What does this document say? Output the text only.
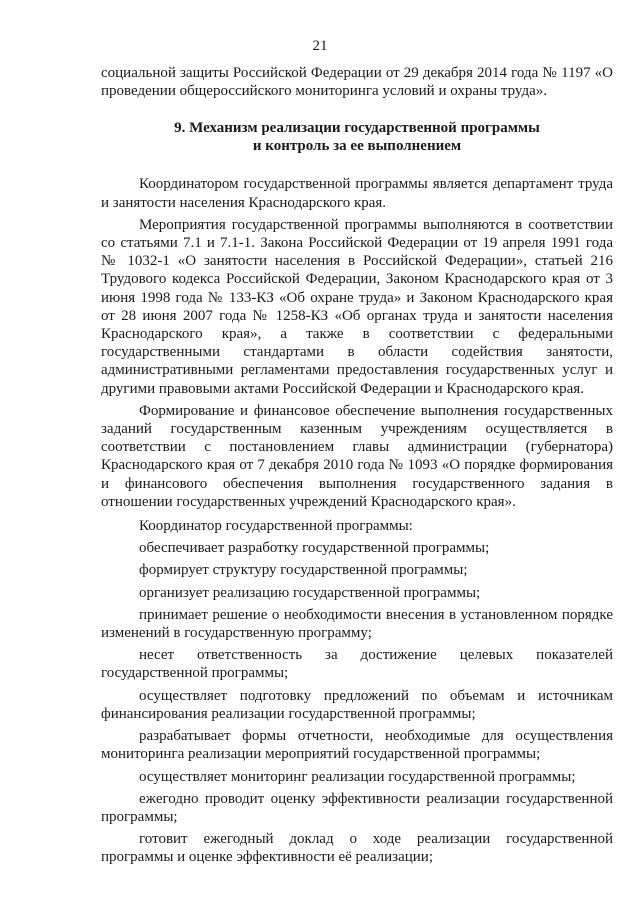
21

социальной защиты Российской Федерации от 29 декабря 2014 года № 1197 «О проведении общероссийского мониторинга условий и охраны труда».

9. Механизм реализации государственной программы
и контроль за ее выполнением

Координатором государственной программы является департамент труда и занятости населения Краснодарского края.

Мероприятия государственной программы выполняются в соответствии со статьями 7.1 и 7.1-1. Закона Российской Федерации от 19 апреля 1991 года № 1032-1 «О занятости населения в Российской Федерации», статьей 216 Трудового кодекса Российской Федерации, Законом Краснодарского края от 3 июня 1998 года № 133-КЗ «Об охране труда» и Законом Краснодарского края от 28 июня 2007 года № 1258-КЗ «Об органах труда и занятости населения Краснодарского края», а также в соответствии с федеральными государственными стандартами в области содействия занятости, административными регламентами предоставления государственных услуг и другими правовыми актами Российской Федерации и Краснодарского края.

Формирование и финансовое обеспечение выполнения государственных заданий государственным казенным учреждениям осуществляется в соответствии с постановлением главы администрации (губернатора) Краснодарского края от 7 декабря 2010 года № 1093 «О порядке формирования и финансового обеспечения выполнения государственного задания в отношении государственных учреждений Краснодарского края».

Координатор государственной программы:

обеспечивает разработку государственной программы;

формирует структуру государственной программы;

организует реализацию государственной программы;

принимает решение о необходимости внесения в установленном порядке изменений в государственную программу;

несет ответственность за достижение целевых показателей государственной программы;

осуществляет подготовку предложений по объемам и источникам финансирования реализации государственной программы;

разрабатывает формы отчетности, необходимые для осуществления мониторинга реализации мероприятий государственной программы;

осуществляет мониторинг реализации государственной программы;

ежегодно проводит оценку эффективности реализации государственной программы;

готовит ежегодный доклад о ходе реализации государственной программы и оценке эффективности её реализации;
